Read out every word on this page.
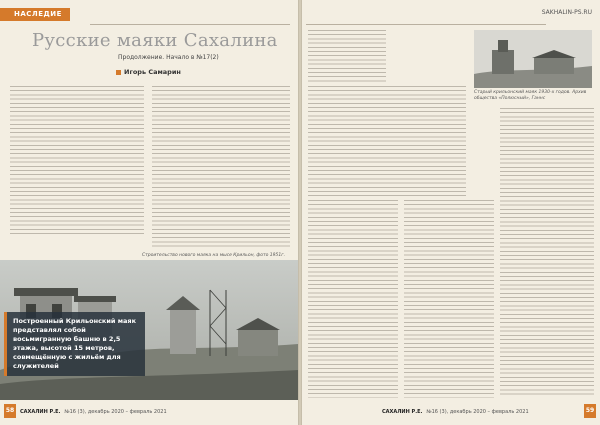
НАСЛЕДИЕ
Русские маяки Сахалина
Продолжение. Начало в №17(2)
Игорь Самарин
Строительство нового маяка на мысе Крильон, фото 1951г.
Построенный Крильонский маяк представлял собой восьмигранную башню в 2,5 этажа, высотой 15 метров, совмещённую с жильём для служителей
58	САХАЛИН Р.Е. №16 (3), декабрь 2020 – февраль 2021
SAKHALIN-PS.RU
Старый крильонский маяк 1930-х годов. Архив общества «Полюсный», Ганнс
САХАЛИН Р.Е. №16 (3), декабрь 2020 – февраль 2021	59
